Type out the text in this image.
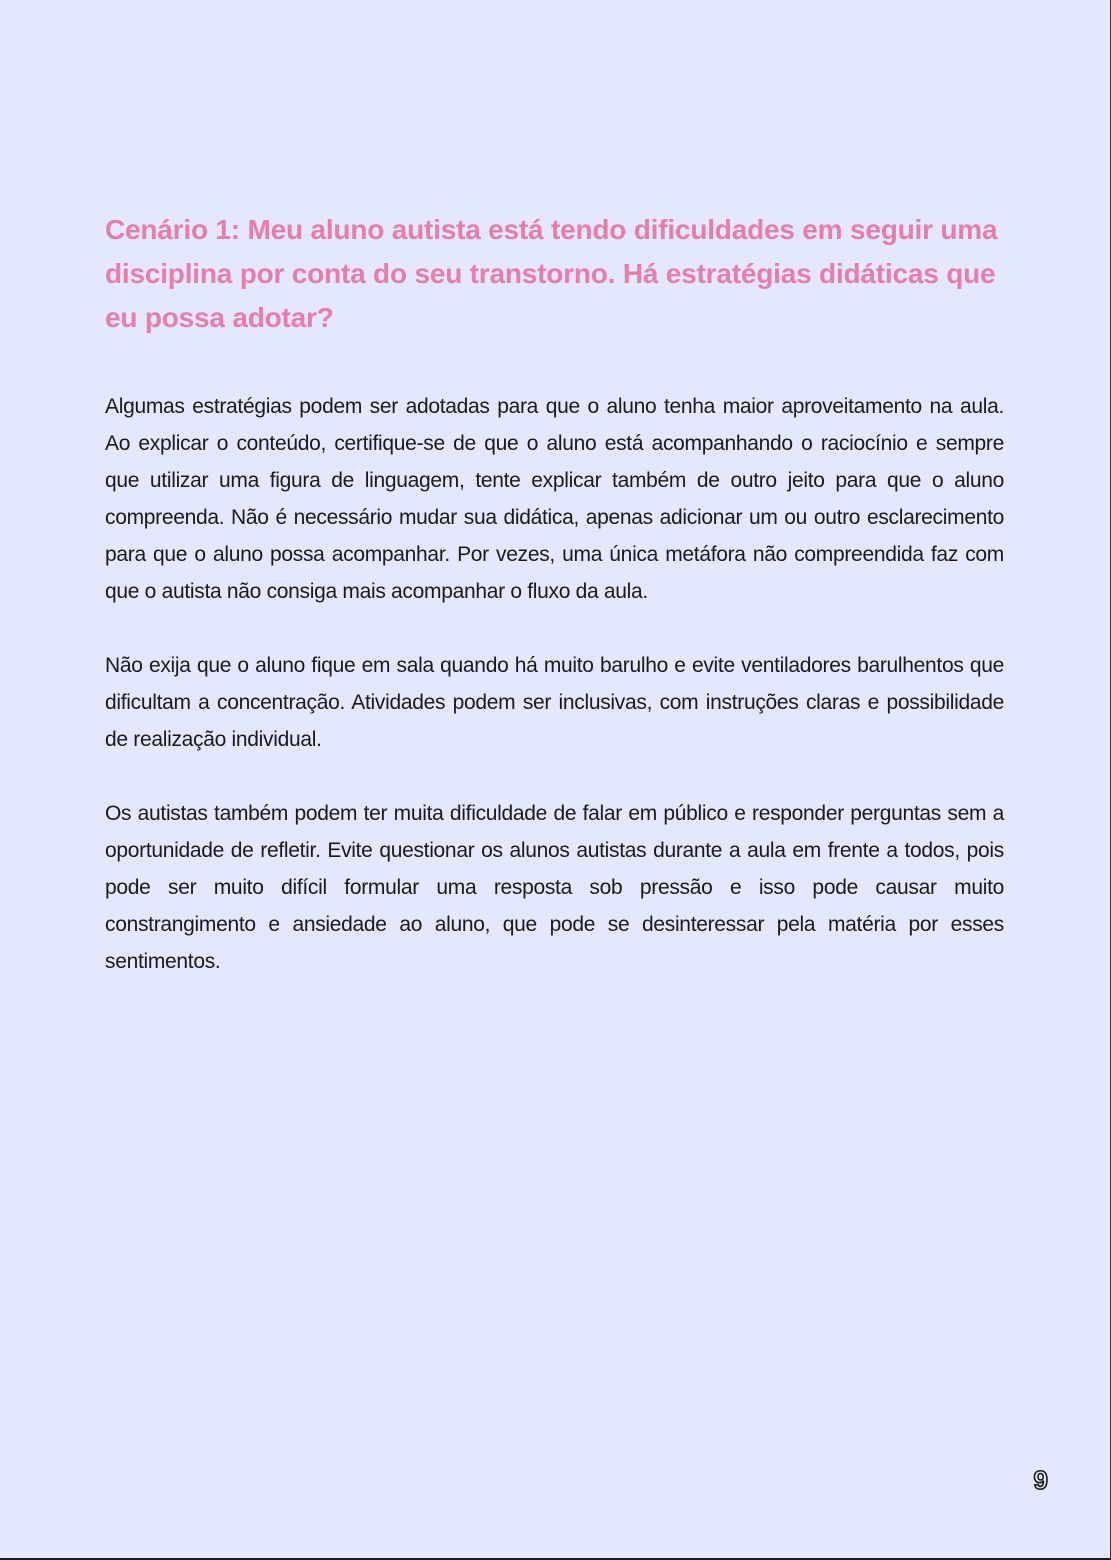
Cenário 1: Meu aluno autista está tendo dificuldades em seguir uma disciplina por conta do seu transtorno. Há estratégias didáticas que eu possa adotar?

Algumas estratégias podem ser adotadas para que o aluno tenha maior aproveitamento na aula. Ao explicar o conteúdo, certifique-se de que o aluno está acompanhando o raciocínio e sempre que utilizar uma figura de linguagem, tente explicar também de outro jeito para que o aluno compreenda. Não é necessário mudar sua didática, apenas adicionar um ou outro esclarecimento para que o aluno possa acompanhar. Por vezes, uma única metáfora não compreendida faz com que o autista não consiga mais acompanhar o fluxo da aula.

Não exija que o aluno fique em sala quando há muito barulho e evite ventiladores barulhentos que dificultam a concentração. Atividades podem ser inclusivas, com instruções claras e possibilidade de realização individual.

Os autistas também podem ter muita dificuldade de falar em público e responder perguntas sem a oportunidade de refletir. Evite questionar os alunos autistas durante a aula em frente a todos, pois pode ser muito difícil formular uma resposta sob pressão e isso pode causar muito constrangimento e ansiedade ao aluno, que pode se desinteressar pela matéria por esses sentimentos.

9
